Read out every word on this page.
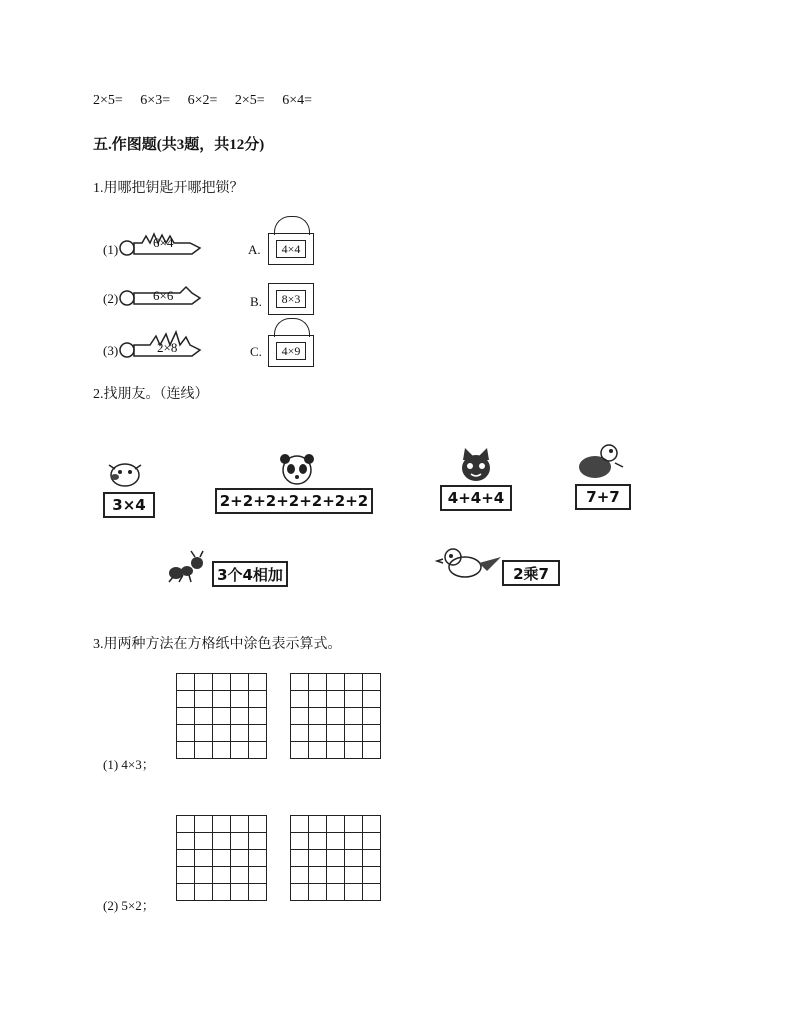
2×5= 6×3= 6×2= 2×5= 6×4=
五.作图题(共3题，共12分)
1.用哪把钥匙开哪把锁？
(1)	6×4
(2)	6×6
(3)	2×8
A.	4×4
B.	8×3
C.	4×9
2.找朋友。（连线）
3×4	2+2+2+2+2+2+2	4+4+4	7+7
3个4相加	2乘7
3.用两种方法在方格纸中涂色表示算式。
(1) 4×3；
(2) 5×2；
